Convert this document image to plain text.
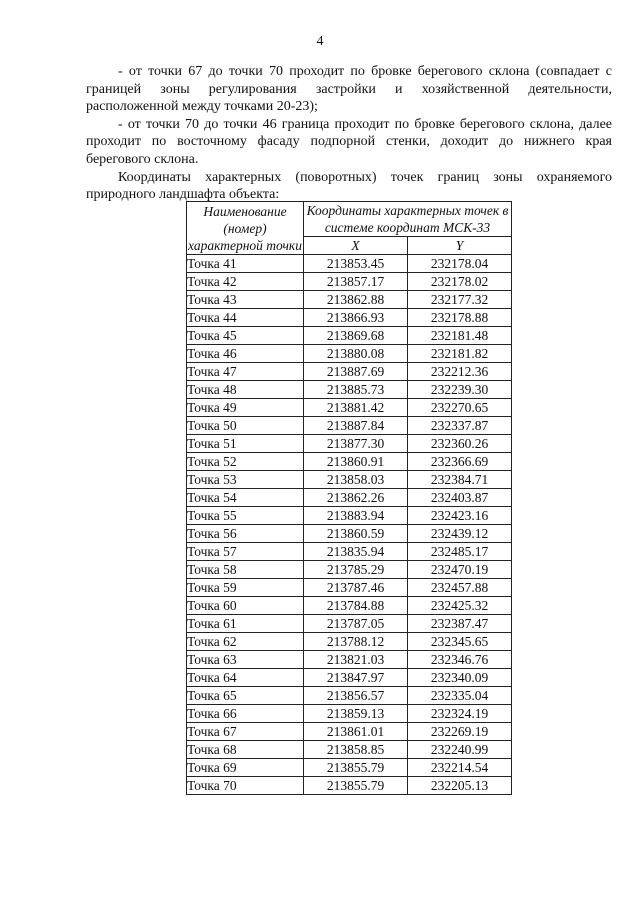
4

- от точки 67 до точки 70 проходит по бровке берегового склона (совпадает с границей зоны регулирования застройки и хозяйственной деятельности, расположенной между точками 20-23);

- от точки 70 до точки 46 граница проходит по бровке берегового склона, далее проходит по восточному фасаду подпорной стенки, доходит до нижнего края берегового склона.

Координаты характерных (поворотных) точек границ зоны охраняемого природного ландшафта объекта:

Наименование (номер) характерной точки	Координаты характерных точек в системе координат МСК-33	
	X	Y
Точка 41	213853.45	232178.04
Точка 42	213857.17	232178.02
Точка 43	213862.88	232177.32
Точка 44	213866.93	232178.88
Точка 45	213869.68	232181.48
Точка 46	213880.08	232181.82
Точка 47	213887.69	232212.36
Точка 48	213885.73	232239.30
Точка 49	213881.42	232270.65
Точка 50	213887.84	232337.87
Точка 51	213877.30	232360.26
Точка 52	213860.91	232366.69
Точка 53	213858.03	232384.71
Точка 54	213862.26	232403.87
Точка 55	213883.94	232423.16
Точка 56	213860.59	232439.12
Точка 57	213835.94	232485.17
Точка 58	213785.29	232470.19
Точка 59	213787.46	232457.88
Точка 60	213784.88	232425.32
Точка 61	213787.05	232387.47
Точка 62	213788.12	232345.65
Точка 63	213821.03	232346.76
Точка 64	213847.97	232340.09
Точка 65	213856.57	232335.04
Точка 66	213859.13	232324.19
Точка 67	213861.01	232269.19
Точка 68	213858.85	232240.99
Точка 69	213855.79	232214.54
Точка 70	213855.79	232205.13
